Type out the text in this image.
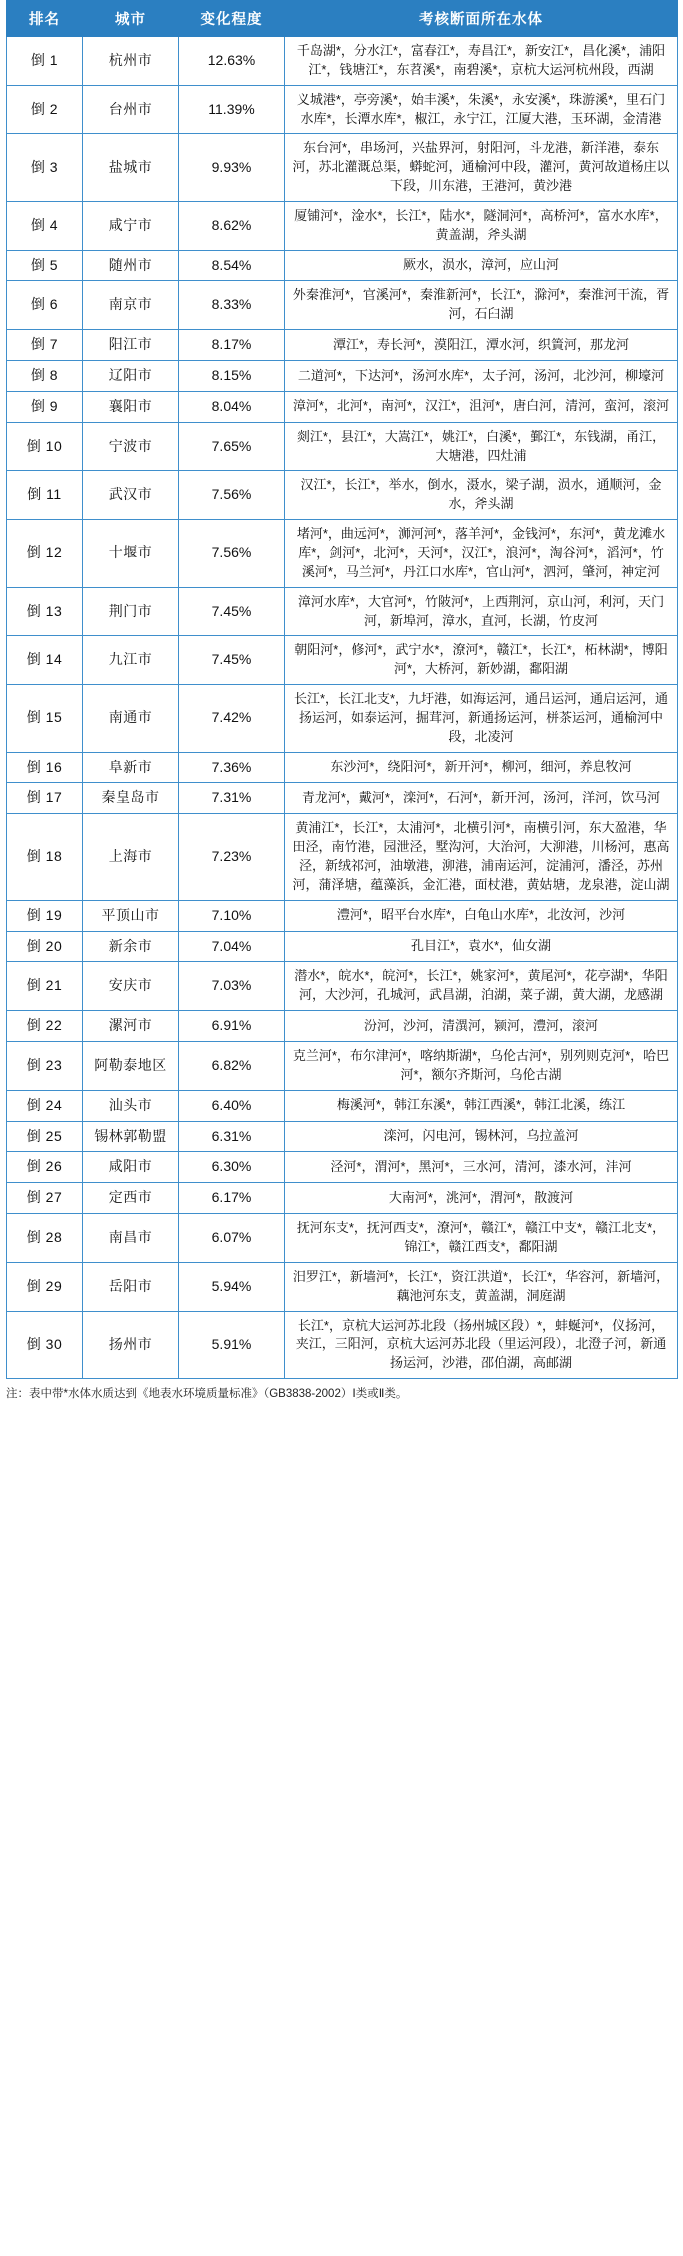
排名	城市	变化程度	考核断面所在水体
倒 1	杭州市	12.63%	千岛湖*，分水江*，富春江*，寿昌江*，新安江*，昌化溪*，浦阳江*，钱塘江*，东苕溪*，南碧溪*，京杭大运河杭州段，西湖
倒 2	台州市	11.39%	义城港*，亭旁溪*，始丰溪*，朱溪*，永安溪*，珠游溪*，里石门水库*，长潭水库*，椒江，永宁江，江厦大港，玉环湖，金清港
倒 3	盐城市	9.93%	东台河*，串场河，兴盐界河，射阳河，斗龙港，新洋港，泰东河，苏北灌溉总渠，蟒蛇河，通榆河中段，灌河，黄河故道杨庄以下段，川东港，王港河，黄沙港
倒 4	咸宁市	8.62%	厦铺河*，淦水*，长江*，陆水*，隧洞河*，高桥河*，富水水库*，黄盖湖，斧头湖
倒 5	随州市	8.54%	厥水，涢水，漳河，应山河
倒 6	南京市	8.33%	外秦淮河*，官溪河*，秦淮新河*，长江*，滁河*，秦淮河干流，胥河，石臼湖
倒 7	阳江市	8.17%	潭江*，寿长河*，漠阳江，潭水河，织篢河，那龙河
倒 8	辽阳市	8.15%	二道河*，下达河*，汤河水库*，太子河，汤河，北沙河，柳壕河
倒 9	襄阳市	8.04%	漳河*，北河*，南河*，汉江*，沮河*，唐白河，清河，蛮河，滚河
倒 10	宁波市	7.65%	剡江*，县江*，大嵩江*，姚江*，白溪*，鄞江*，东钱湖，甬江，大塘港，四灶浦
倒 11	武汉市	7.56%	汉江*，长江*，举水，倒水，滠水，梁子湖，涢水，通顺河，金水，斧头湖
倒 12	十堰市	7.56%	堵河*，曲远河*，浉河河*，落羊河*，金钱河*，东河*，黄龙滩水库*，剑河*，北河*，天河*，汉江*，浪河*，淘谷河*，滔河*，竹溪河*，马兰河*，丹江口水库*，官山河*，泗河，肇河，神定河
倒 13	荆门市	7.45%	漳河水库*，大官河*，竹陂河*，上西荆河，京山河，利河，天门河，新埠河，漳水，直河，长湖，竹皮河
倒 14	九江市	7.45%	朝阳河*，修河*，武宁水*，潦河*，赣江*，长江*，柘林湖*，博阳河*，大桥河，新妙湖，鄱阳湖
倒 15	南通市	7.42%	长江*，长江北支*，九圩港，如海运河，通吕运河，通启运河，通扬运河，如泰运河，掘茸河，新通扬运河，栟茶运河，通榆河中段，北凌河
倒 16	阜新市	7.36%	东沙河*，绕阳河*，新开河*，柳河，细河，养息牧河
倒 17	秦皇岛市	7.31%	青龙河*，戴河*，滦河*，石河*，新开河，汤河，洋河，饮马河
倒 18	上海市	7.23%	黄浦江*，长江*，太浦河*，北横引河*，南横引河，东大盈港，华田泾，南竹港，园泄泾，墅沟河，大治河，大泖港，川杨河，惠高泾，新绒祁河，油墩港，泖港，浦南运河，淀浦河，潘泾，苏州河，蒲泽塘，蕴藻浜，金汇港，面杖港，黄姑塘，龙泉港，淀山湖
倒 19	平顶山市	7.10%	澧河*，昭平台水库*，白龟山水库*，北汝河，沙河
倒 20	新余市	7.04%	孔目江*，袁水*，仙女湖
倒 21	安庆市	7.03%	潜水*，皖水*，皖河*，长江*，姚家河*，黄尾河*，花亭湖*，华阳河，大沙河，孔城河，武昌湖，泊湖，菜子湖，黄大湖，龙感湖
倒 22	漯河市	6.91%	汾河，沙河，清潩河，颍河，澧河，滚河
倒 23	阿勒泰地区	6.82%	克兰河*，布尔津河*，喀纳斯湖*，乌伦古河*，别列则克河*，哈巴河*，额尔齐斯河，乌伦古湖
倒 24	汕头市	6.40%	梅溪河*，韩江东溪*，韩江西溪*，韩江北溪，练江
倒 25	锡林郭勒盟	6.31%	滦河，闪电河，锡林河，乌拉盖河
倒 26	咸阳市	6.30%	泾河*，渭河*，黑河*，三水河，清河，漆水河，沣河
倒 27	定西市	6.17%	大南河*，洮河*，渭河*，散渡河
倒 28	南昌市	6.07%	抚河东支*，抚河西支*，潦河*，赣江*，赣江中支*，赣江北支*，锦江*，赣江西支*，鄱阳湖
倒 29	岳阳市	5.94%	汨罗江*，新墙河*，长江*，资江洪道*，长江*，华容河，新墙河，藕池河东支，黄盖湖，洞庭湖
倒 30	扬州市	5.91%	长江*，京杭大运河苏北段（扬州城区段）*，蚌蜒河*，仪扬河，夹江，三阳河，京杭大运河苏北段（里运河段），北澄子河，新通扬运河，沙港，邵伯湖，高邮湖
注：表中带*水体水质达到《地表水环境质量标准》（GB3838-2002）Ⅰ类或Ⅱ类。
